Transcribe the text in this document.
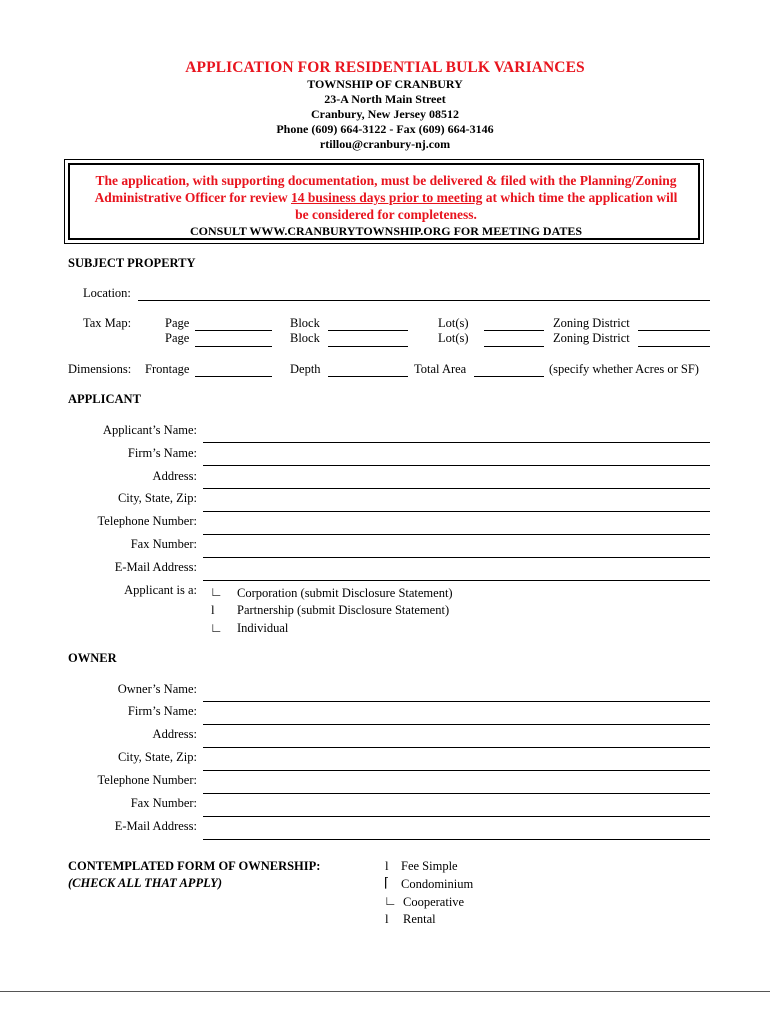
APPLICATION FOR RESIDENTIAL BULK VARIANCES
TOWNSHIP OF CRANBURY
23-A North Main Street
Cranbury, New Jersey 08512
Phone (609) 664-3122 - Fax (609) 664-3146
rtillou@cranbury-nj.com
The application, with supporting documentation, must be delivered & filed with the Planning/Zoning
Administrative Officer for review 14 business days prior to meeting at which time the application will
be considered for completeness.
CONSULT WWW.CRANBURYTOWNSHIP.ORG FOR MEETING DATES
SUBJECT PROPERTY
Location:
Tax Map:	Page	Block	Lot(s)	Zoning District
Page	Block	Lot(s)	Zoning District
Dimensions: Frontage	Depth	Total Area	(specify whether Acres or SF)
APPLICANT
Applicant’s Name:
Firm’s Name:
Address:
City, State, Zip:
Telephone Number:
Fax Number:
E-Mail Address:
Applicant is a: ∟ Corporation (submit Disclosure Statement)
l Partnership (submit Disclosure Statement)
∟ Individual
OWNER
Owner’s Name:
Firm’s Name:
Address:
City, State, Zip:
Telephone Number:
Fax Number:
E-Mail Address:
CONTEMPLATED FORM OF OWNERSHIP:
(CHECK ALL THAT APPLY)
l Fee Simple
⌈ Condominium
∟ Cooperative
l Rental
